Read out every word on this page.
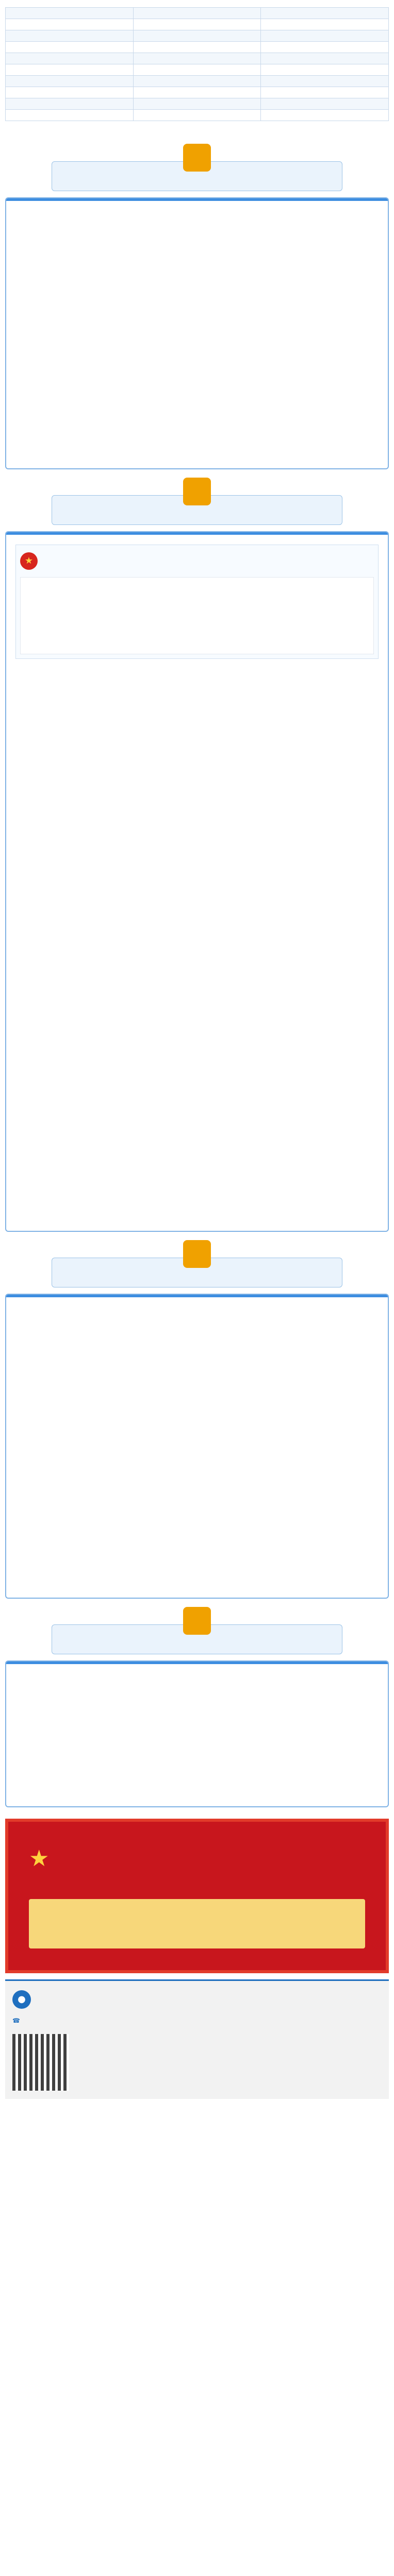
★

★
●
☎
